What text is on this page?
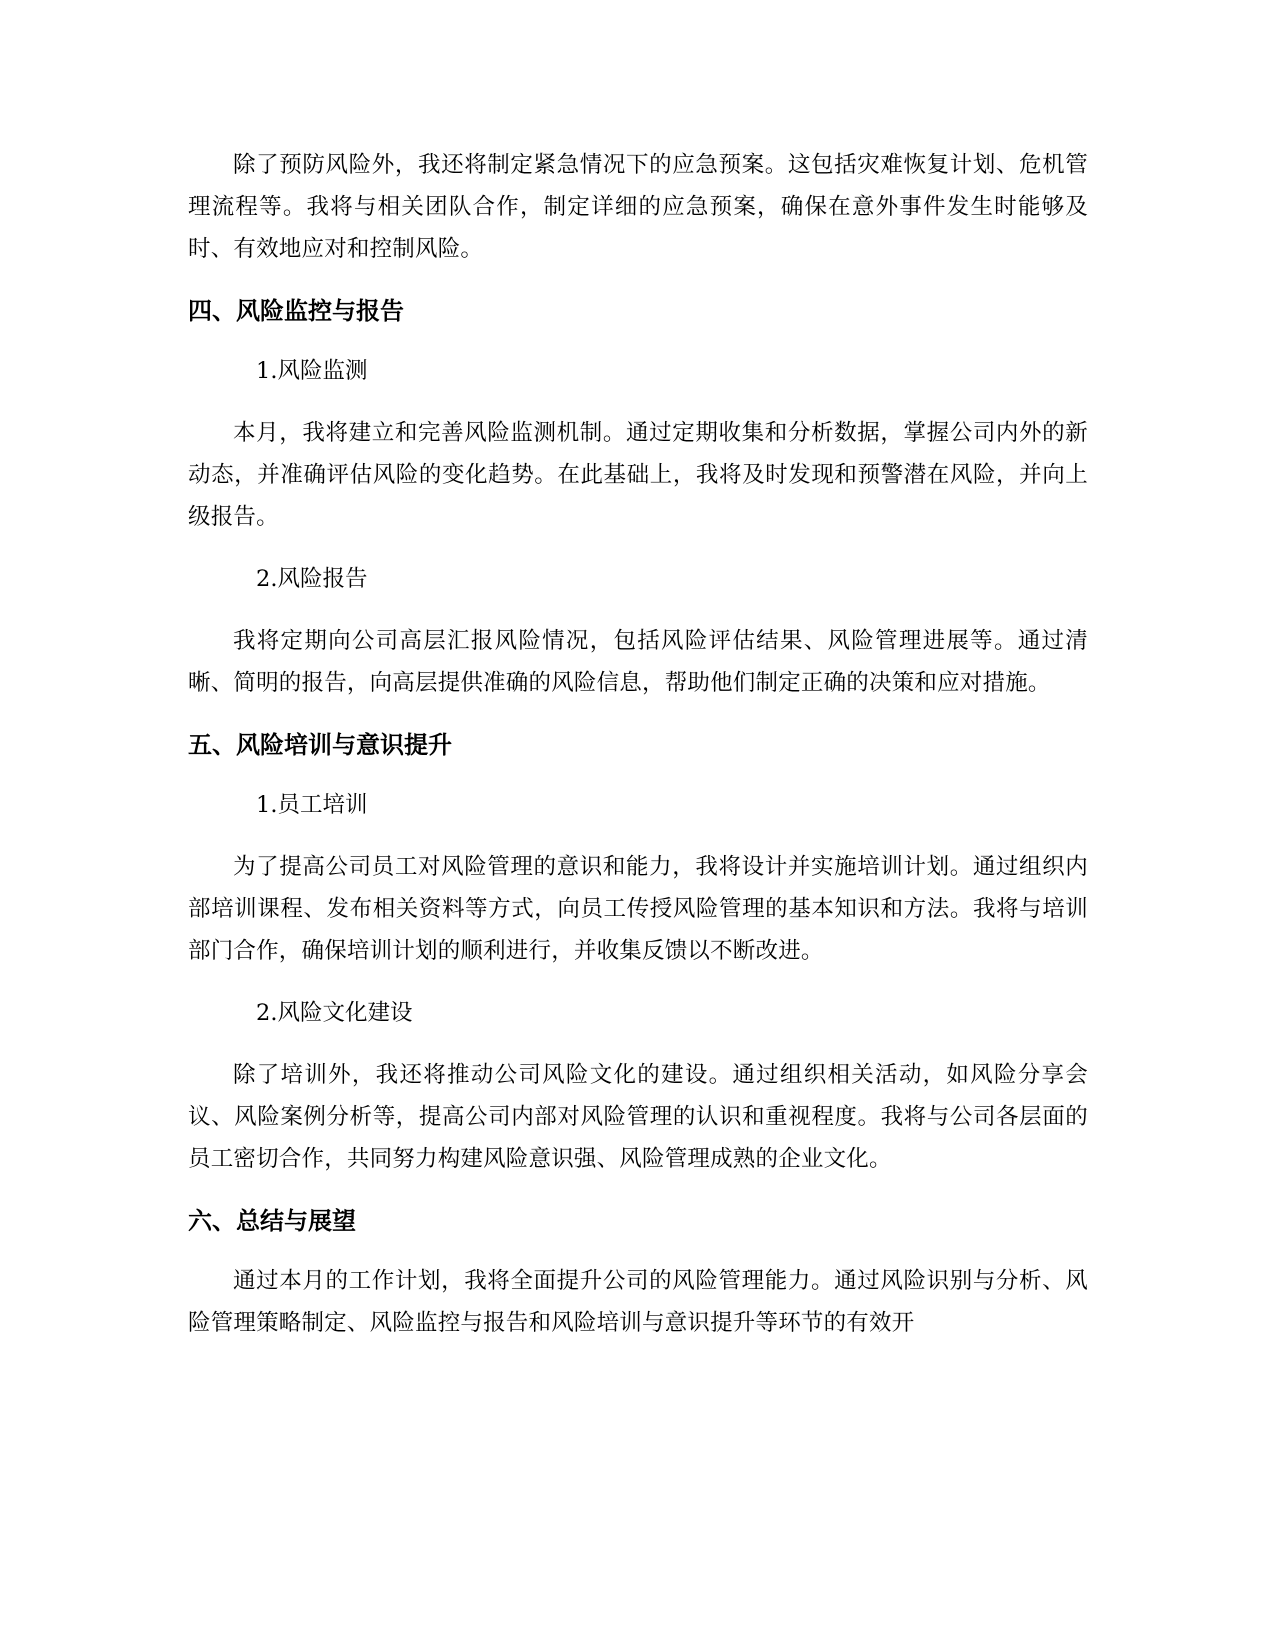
除了预防风险外，我还将制定紧急情况下的应急预案。这包括灾难恢复计划、危机管理流程等。我将与相关团队合作，制定详细的应急预案，确保在意外事件发生时能够及时、有效地应对和控制风险。

四、风险监控与报告
1.风险监测

本月，我将建立和完善风险监测机制。通过定期收集和分析数据，掌握公司内外的新动态，并准确评估风险的变化趋势。在此基础上，我将及时发现和预警潜在风险，并向上级报告。

2.风险报告

我将定期向公司高层汇报风险情况，包括风险评估结果、风险管理进展等。通过清晰、简明的报告，向高层提供准确的风险信息，帮助他们制定正确的决策和应对措施。

五、风险培训与意识提升
1.员工培训

为了提高公司员工对风险管理的意识和能力，我将设计并实施培训计划。通过组织内部培训课程、发布相关资料等方式，向员工传授风险管理的基本知识和方法。我将与培训部门合作，确保培训计划的顺利进行，并收集反馈以不断改进。

2.风险文化建设

除了培训外，我还将推动公司风险文化的建设。通过组织相关活动，如风险分享会议、风险案例分析等，提高公司内部对风险管理的认识和重视程度。我将与公司各层面的员工密切合作，共同努力构建风险意识强、风险管理成熟的企业文化。

六、总结与展望

通过本月的工作计划，我将全面提升公司的风险管理能力。通过风险识别与分析、风险管理策略制定、风险监控与报告和风险培训与意识提升等环节的有效开
